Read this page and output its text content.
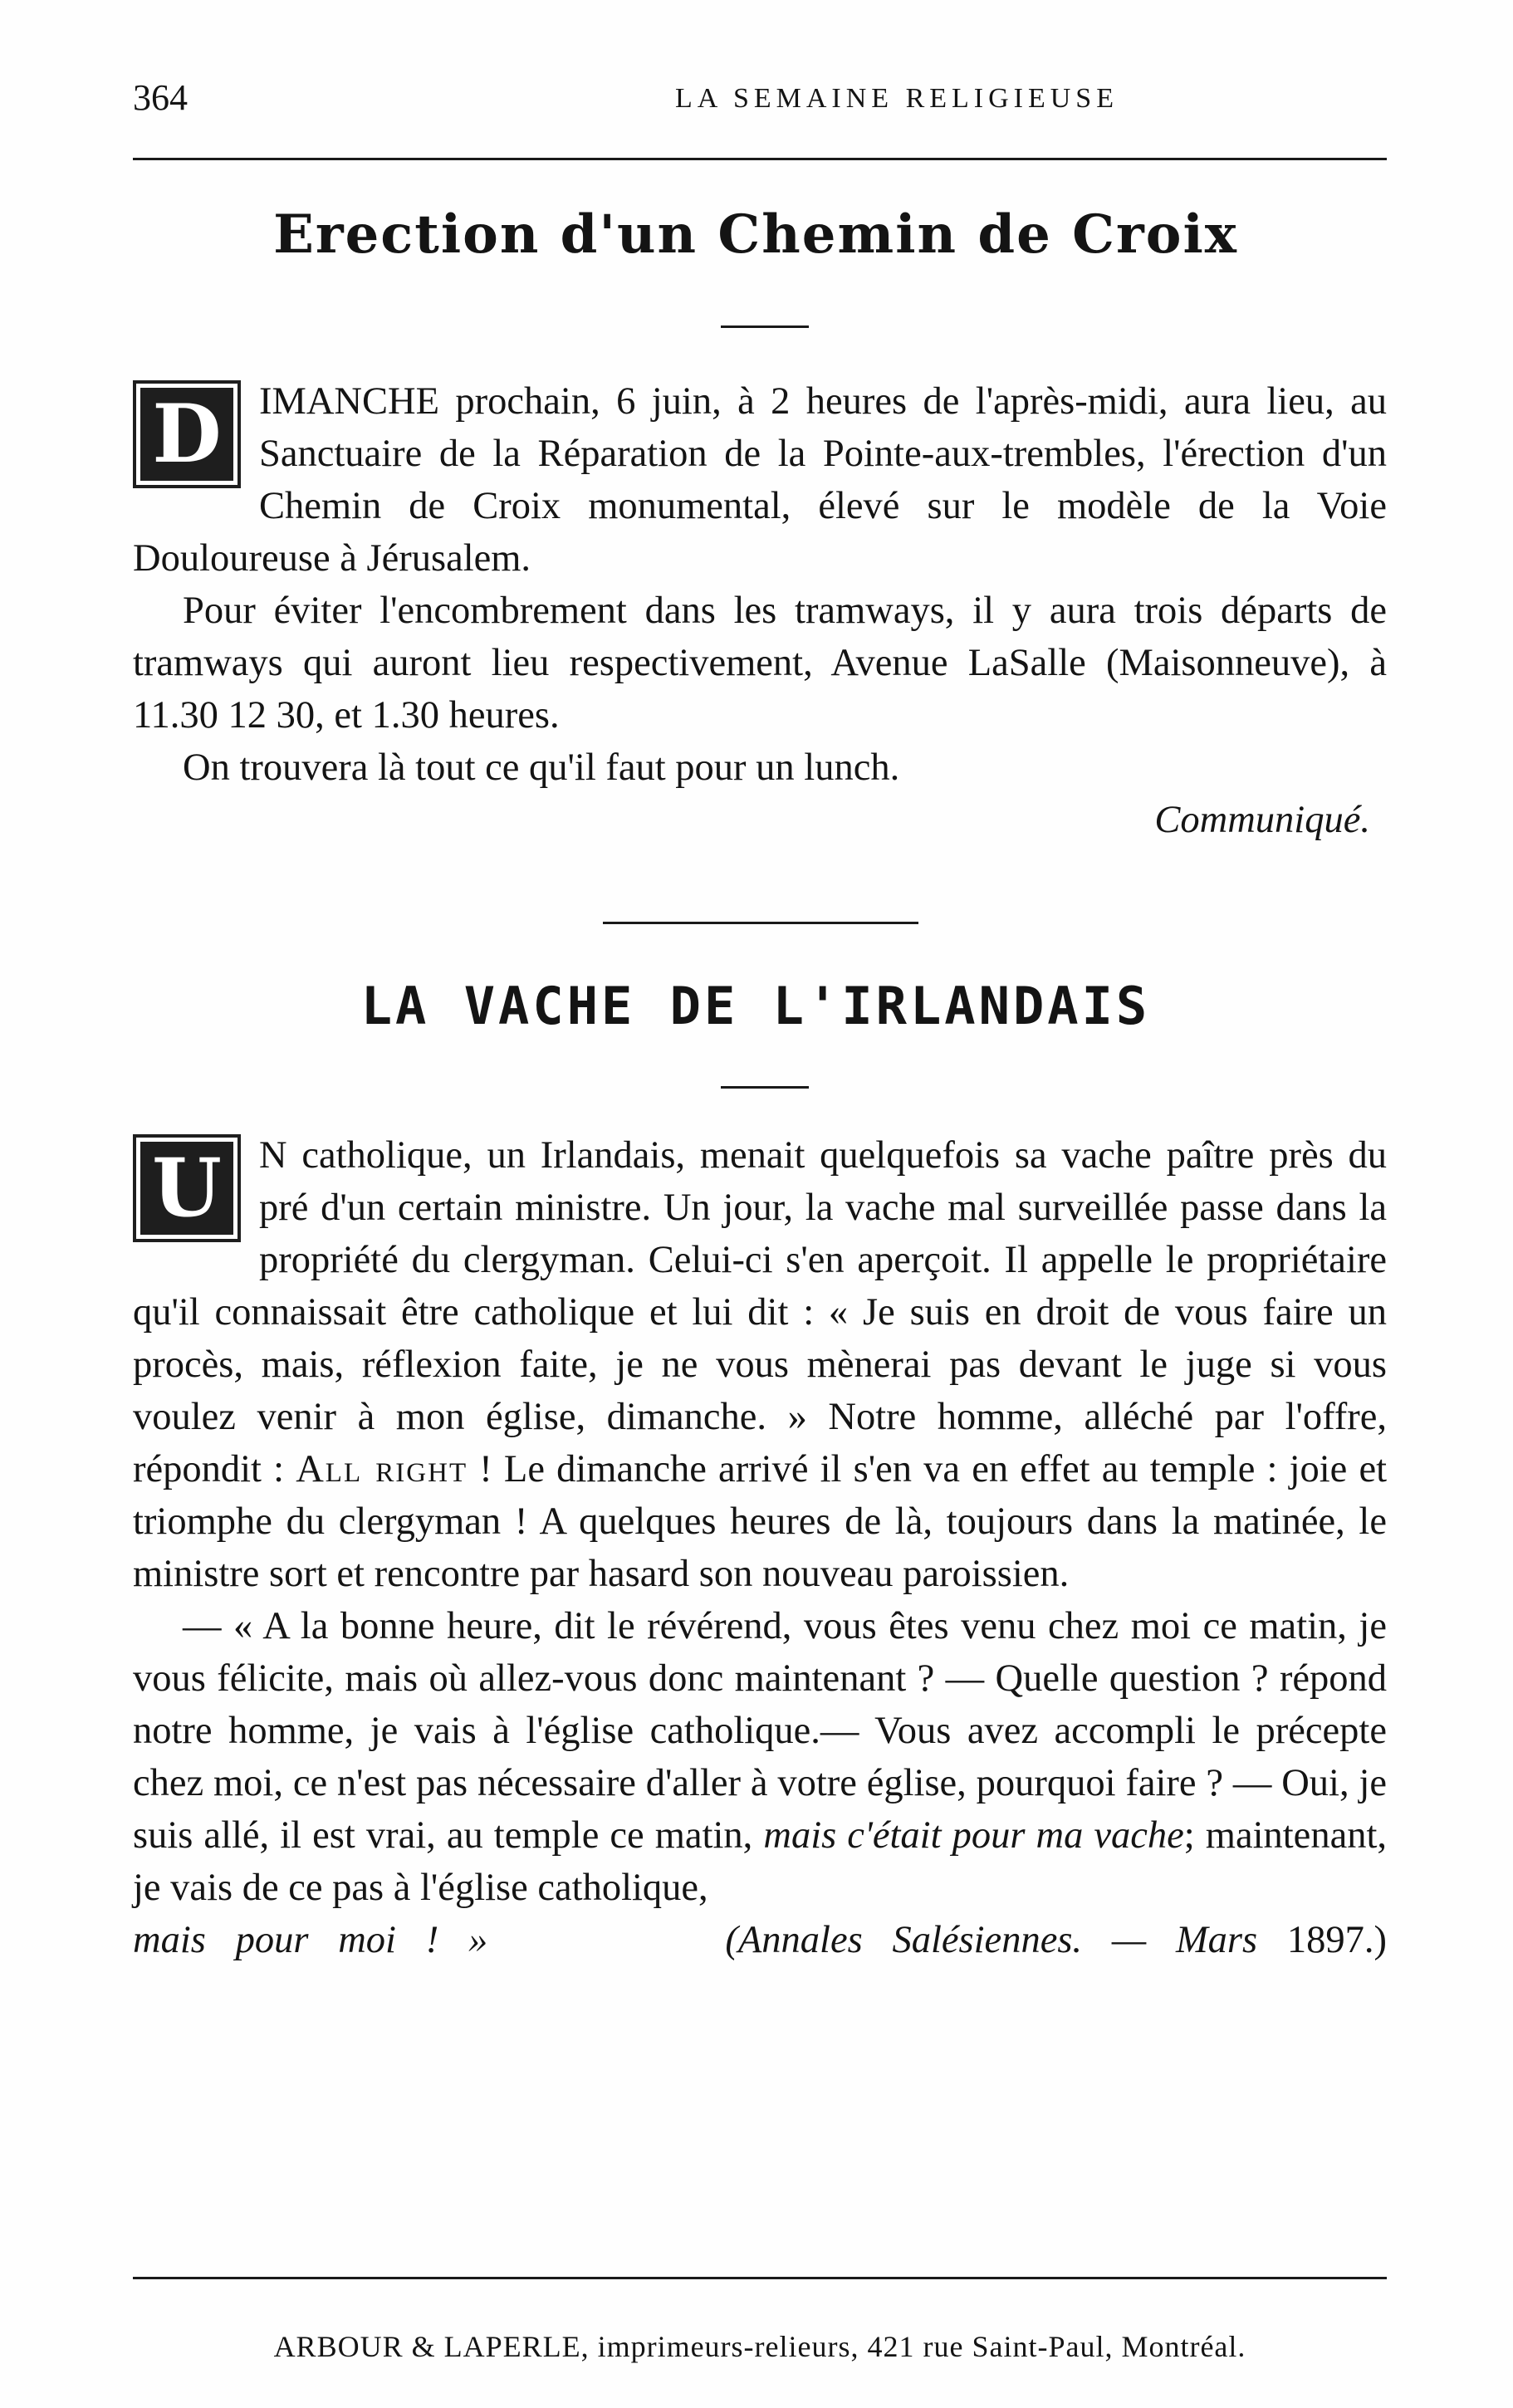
364	LA SEMAINE RELIGIEUSE
Erection d'un Chemin de Croix

D IMANCHE prochain, 6 juin, à 2 heures de l'après-midi, aura lieu, au Sanctuaire de la Réparation de la Pointe-aux-trembles, l'érection d'un Chemin de Croix monumental, élevé sur le modèle de la Voie Douloureuse à Jérusalem.

Pour éviter l'encombrement dans les tramways, il y aura trois départs de tramways qui auront lieu respectivement, Avenue LaSalle (Maisonneuve), à 11.30 12 30, et 1.30 heures.

On trouvera là tout ce qu'il faut pour un lunch.

Communiqué.

LA VACHE DE L'IRLANDAIS

U N catholique, un Irlandais, menait quelquefois sa vache paître près du pré d'un certain ministre. Un jour, la vache mal surveillée passe dans la propriété du clergyman. Celui-ci s'en aperçoit. Il appelle le propriétaire qu'il connaissait être catholique et lui dit : « Je suis en droit de vous faire un procès, mais, réflexion faite, je ne vous mènerai pas devant le juge si vous voulez venir à mon église, dimanche. » Notre homme, alléché par l'offre, répondit : All right ! Le dimanche arrivé il s'en va en effet au temple : joie et triomphe du clergyman ! A quelques heures de là, toujours dans la matinée, le ministre sort et rencontre par hasard son nouveau paroissien.

— « A la bonne heure, dit le révérend, vous êtes venu chez moi ce matin, je vous félicite, mais où allez-vous donc maintenant ? — Quelle question ? répond notre homme, je vais à l'église catholique.— Vous avez accompli le précepte chez moi, ce n'est pas nécessaire d'aller à votre église, pourquoi faire ? — Oui, je suis allé, il est vrai, au temple ce matin, mais c'était pour ma vache; maintenant, je vais de ce pas à l'église catholique,

mais pour moi ! »	(Annales Salésiennes. — Mars 1897.)

ARBOUR & LAPERLE, imprimeurs-relieurs, 421 rue Saint-Paul, Montréal.
